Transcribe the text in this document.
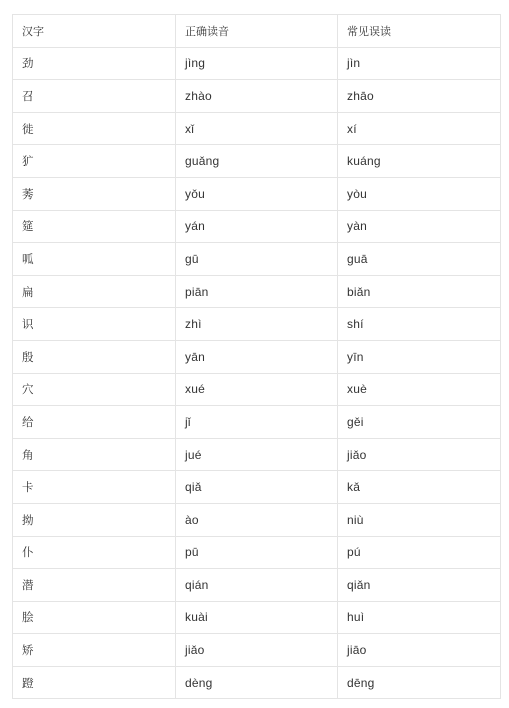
汉字	正确读音	常见误读
劲	jìng	jìn
召	zhào	zhāo
徙	xǐ	xí
犷	guǎng	kuáng
莠	yǒu	yòu
筵	yán	yàn
呱	gū	guā
扁	piān	biǎn
识	zhì	shí
殷	yān	yīn
穴	xué	xuè
给	jǐ	gěi
角	jué	jiǎo
卡	qiǎ	kǎ
拗	ào	niù
仆	pū	pú
潜	qián	qiǎn
脍	kuài	huì
矫	jiǎo	jiāo
蹬	dèng	dēng
